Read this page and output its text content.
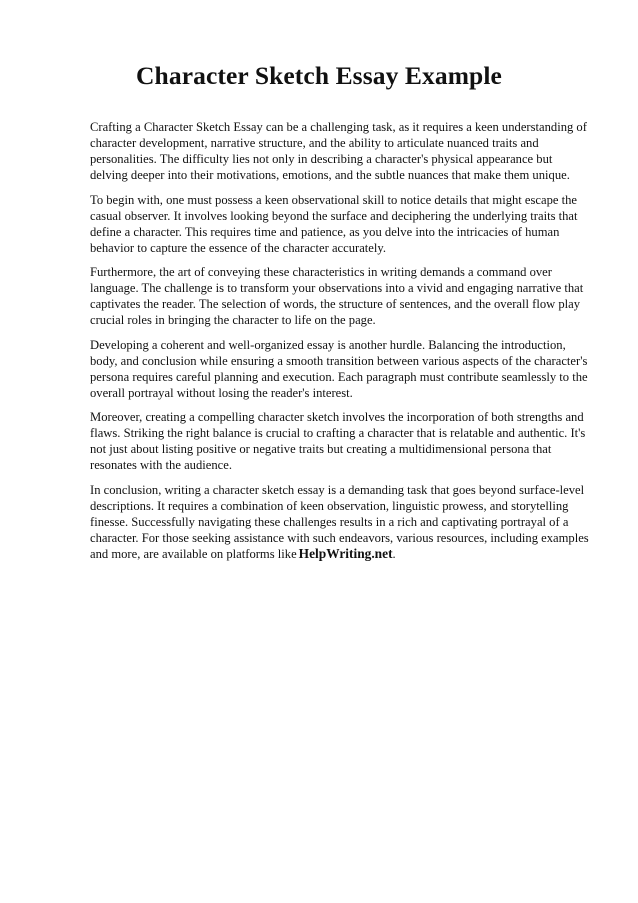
Character Sketch Essay Example

Crafting a Character Sketch Essay can be a challenging task, as it requires a keen understanding of character development, narrative structure, and the ability to articulate nuanced traits and personalities. The difficulty lies not only in describing a character's physical appearance but delving deeper into their motivations, emotions, and the subtle nuances that make them unique.

To begin with, one must possess a keen observational skill to notice details that might escape the casual observer. It involves looking beyond the surface and deciphering the underlying traits that define a character. This requires time and patience, as you delve into the intricacies of human behavior to capture the essence of the character accurately.

Furthermore, the art of conveying these characteristics in writing demands a command over language. The challenge is to transform your observations into a vivid and engaging narrative that captivates the reader. The selection of words, the structure of sentences, and the overall flow play crucial roles in bringing the character to life on the page.

Developing a coherent and well-organized essay is another hurdle. Balancing the introduction, body, and conclusion while ensuring a smooth transition between various aspects of the character's persona requires careful planning and execution. Each paragraph must contribute seamlessly to the overall portrayal without losing the reader's interest.

Moreover, creating a compelling character sketch involves the incorporation of both strengths and flaws. Striking the right balance is crucial to crafting a character that is relatable and authentic. It's not just about listing positive or negative traits but creating a multidimensional persona that resonates with the audience.

In conclusion, writing a character sketch essay is a demanding task that goes beyond surface-level descriptions. It requires a combination of keen observation, linguistic prowess, and storytelling finesse. Successfully navigating these challenges results in a rich and captivating portrayal of a character. For those seeking assistance with such endeavors, various resources, including examples and more, are available on platforms like HelpWriting.net.
